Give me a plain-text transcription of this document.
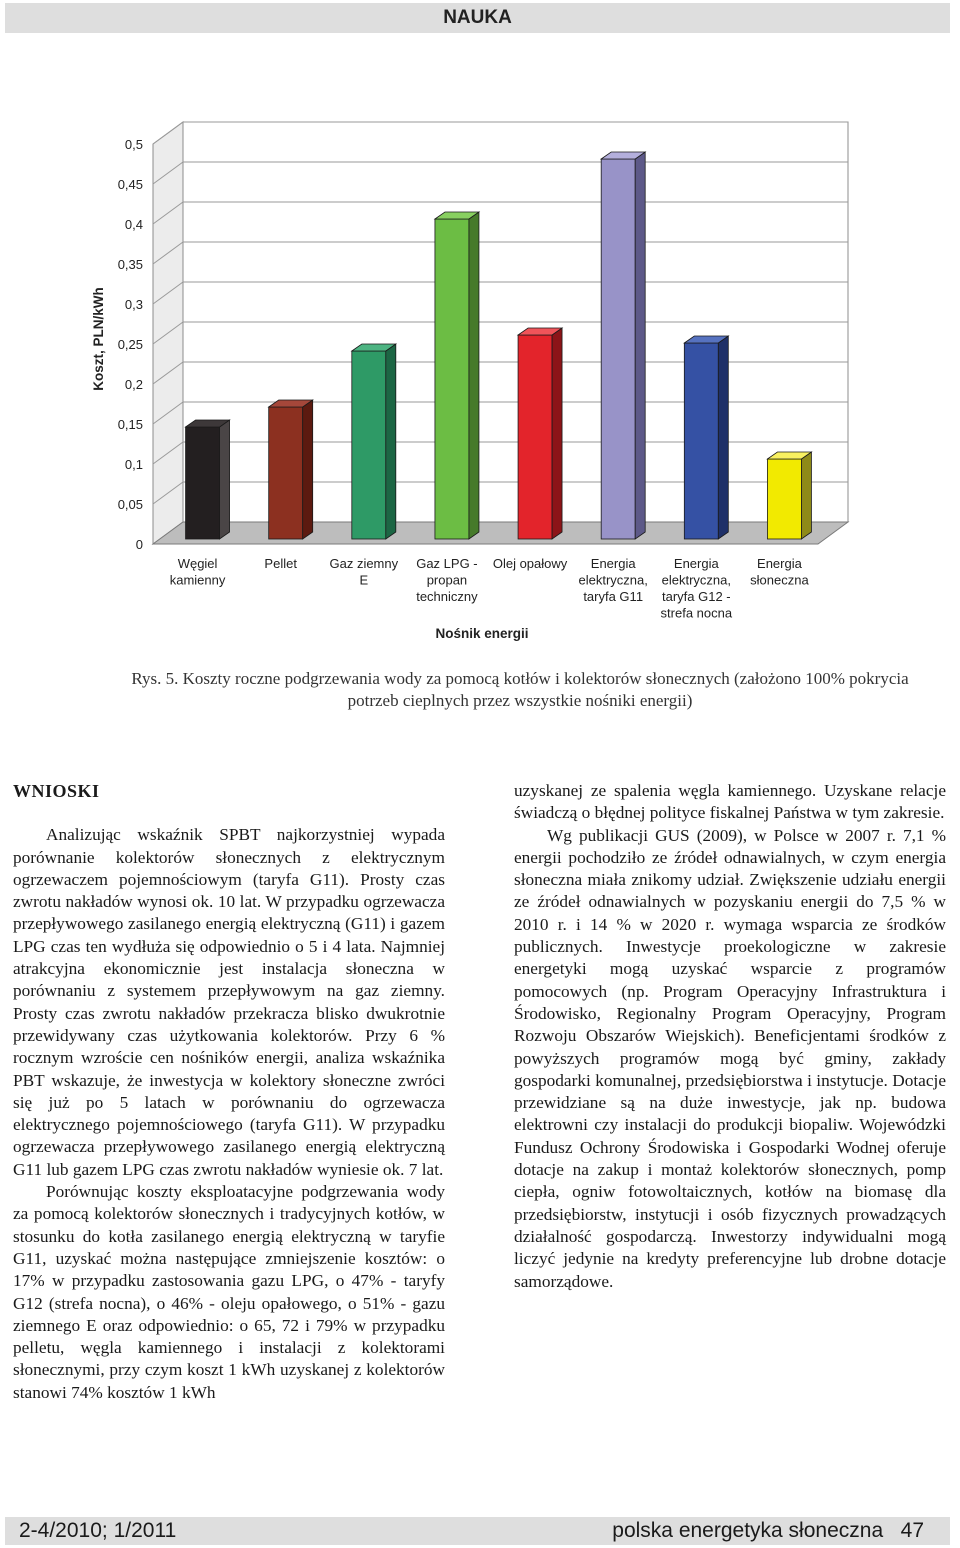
NAUKA
0
0,05
0,1
0,15
0,2
0,25
0,3
0,35
0,4
0,45
0,5
Koszt, PLN/kWh
Węgiel
kamienny
Pellet	Gaz ziemny
E
Gaz LPG -
propan
techniczny
Olej opałowy Energia
elektryczna,
taryfa G11
Energia
elektryczna,
taryfa G12 -
strefa nocna
Energia
słoneczna
Nośnik energii
Rys. 5. Koszty roczne podgrzewania wody za pomocą kotłów i kolektorów słonecznych (założono 100% pokrycia potrzeb cieplnych przez wszystkie nośniki energii)
WNIOSKI

Analizując wskaźnik SPBT najkorzystniej wypada porównanie kolektorów słonecznych z elektrycznym ogrzewaczem pojemnościowym (taryfa G11). Prosty czas zwrotu nakładów wynosi ok. 10 lat. W przypadku ogrzewacza przepływowego zasilanego energią elektryczną (G11) i gazem LPG czas ten wydłuża się odpowiednio o 5 i 4 lata. Najmniej atrakcyjna ekonomicznie jest instalacja słoneczna w porównaniu z systemem przepływowym na gaz ziemny. Prosty czas zwrotu nakładów przekracza blisko dwukrotnie przewidywany czas użytkowania kolektorów. Przy 6 % rocznym wzroście cen nośników energii, analiza wskaźnika PBT wskazuje, że inwestycja w kolektory słoneczne zwróci się już po 5 latach w porównaniu do ogrzewacza elektrycznego pojemnościowego (taryfa G11). W przypadku ogrzewacza przepływowego zasilanego energią elektryczną G11 lub gazem LPG czas zwrotu nakładów wyniesie ok. 7 lat.

Porównując koszty eksploatacyjne podgrzewania wody za pomocą kolektorów słonecznych i tradycyjnych kotłów, w stosunku do kotła zasilanego energią elektryczną w taryfie G11, uzyskać można następujące zmniejszenie kosztów: o 17% w przypadku zastosowania gazu LPG, o 47% - taryfy G12 (strefa nocna), o 46% - oleju opałowego, o 51% - gazu ziemnego E oraz odpowiednio: o 65, 72 i 79% w przypadku pelletu, węgla kamiennego i instalacji z kolektorami słonecznymi, przy czym koszt 1 kWh uzyskanej z kolektorów stanowi 74% kosztów 1 kWh

uzyskanej ze spalenia węgla kamiennego. Uzyskane relacje świadczą o błędnej polityce fiskalnej Państwa w tym zakresie.

Wg publikacji GUS (2009), w Polsce w 2007 r. 7,1 % energii pochodziło ze źródeł odnawialnych, w czym energia słoneczna miała znikomy udział. Zwiększenie udziału energii ze źródeł odnawialnych w pozyskaniu energii do 7,5 % w 2010 r. i 14 % w 2020 r. wymaga wsparcia ze środków publicznych. Inwestycje proekologiczne w zakresie energetyki mogą uzyskać wsparcie z programów pomocowych (np. Program Operacyjny Infrastruktura i Środowisko, Regionalny Program Operacyjny, Program Rozwoju Obszarów Wiejskich). Beneficjentami środków z powyższych programów mogą być gminy, zakłady gospodarki komunalnej, przedsiębiorstwa i instytucje. Dotacje przewidziane są na duże inwestycje, jak np. budowa elektrowni czy instalacji do produkcji biopaliw. Wojewódzki Fundusz Ochrony Środowiska i Gospodarki Wodnej oferuje dotacje na zakup i montaż kolektorów słonecznych, pomp ciepła, ogniw fotowoltaicznych, kotłów na biomasę dla przedsiębiorstw, instytucji i osób fizycznych prowadzących działalność gospodarczą. Inwestorzy indywidualni mogą liczyć jedynie na kredyty preferencyjne lub drobne dotacje samorządowe.

2-4/2010; 1/2011	polska energetyka słoneczna 47
